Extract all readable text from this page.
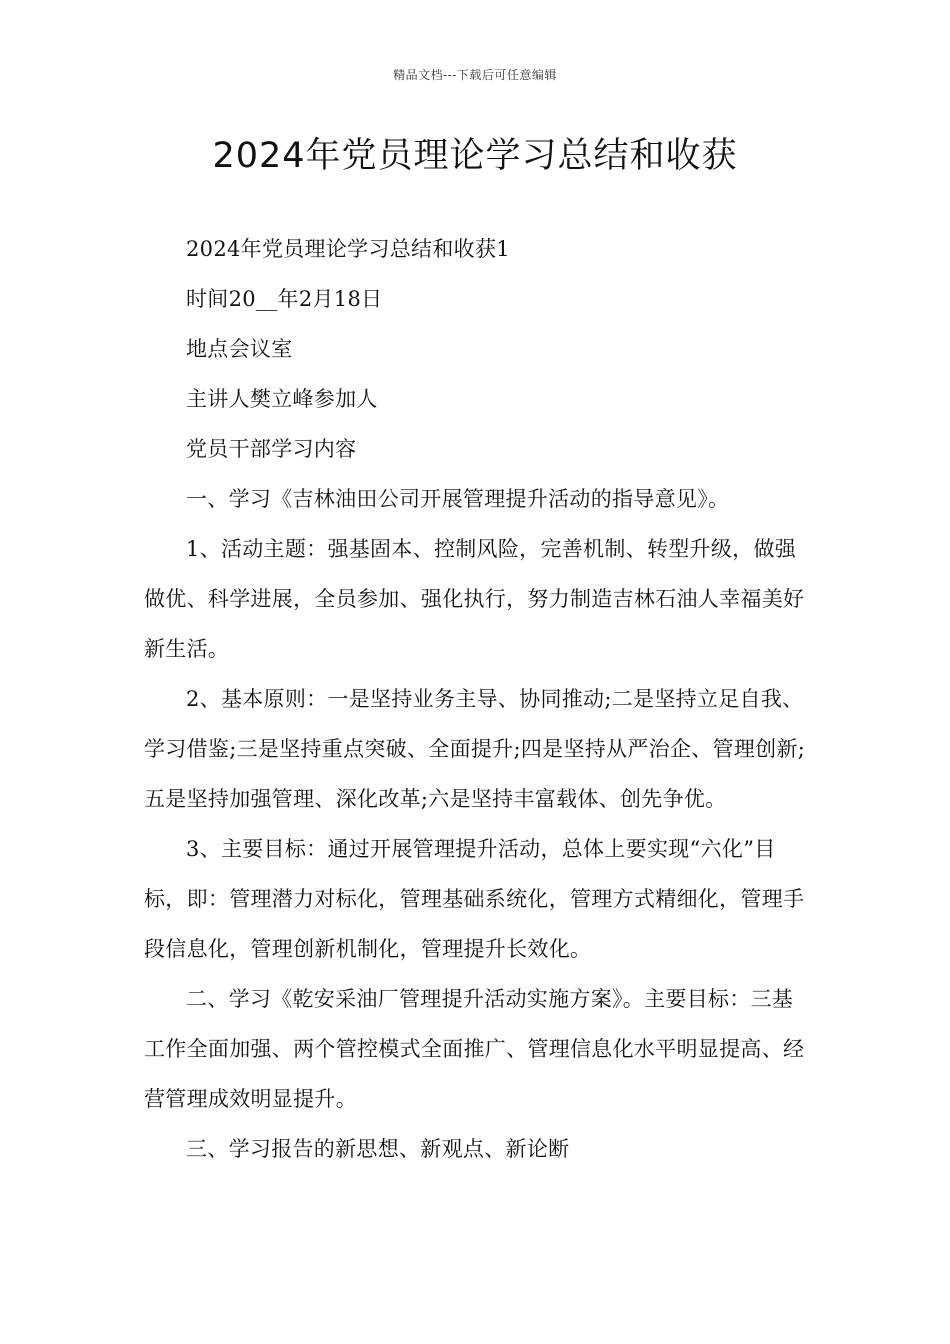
精品文档---下载后可任意编辑
2024年党员理论学习总结和收获

2024年党员理论学习总结和收获1

时间20__年2月18日

地点会议室

主讲人樊立峰参加人

党员干部学习内容

一、学习《吉林油田公司开展管理提升活动的指导意见》。

1、活动主题：强基固本、控制风险，完善机制、转型升级，做强做优、科学进展，全员参加、强化执行，努力制造吉林石油人幸福美好新生活。

2、基本原则：一是坚持业务主导、协同推动;二是坚持立足自我、学习借鉴;三是坚持重点突破、全面提升;四是坚持从严治企、管理创新;五是坚持加强管理、深化改革;六是坚持丰富载体、创先争优。

3、主要目标：通过开展管理提升活动，总体上要实现“六化”目标，即：管理潜力对标化，管理基础系统化，管理方式精细化，管理手段信息化，管理创新机制化，管理提升长效化。

二、学习《乾安采油厂管理提升活动实施方案》。主要目标：三基工作全面加强、两个管控模式全面推广、管理信息化水平明显提高、经营管理成效明显提升。

三、学习报告的新思想、新观点、新论断
